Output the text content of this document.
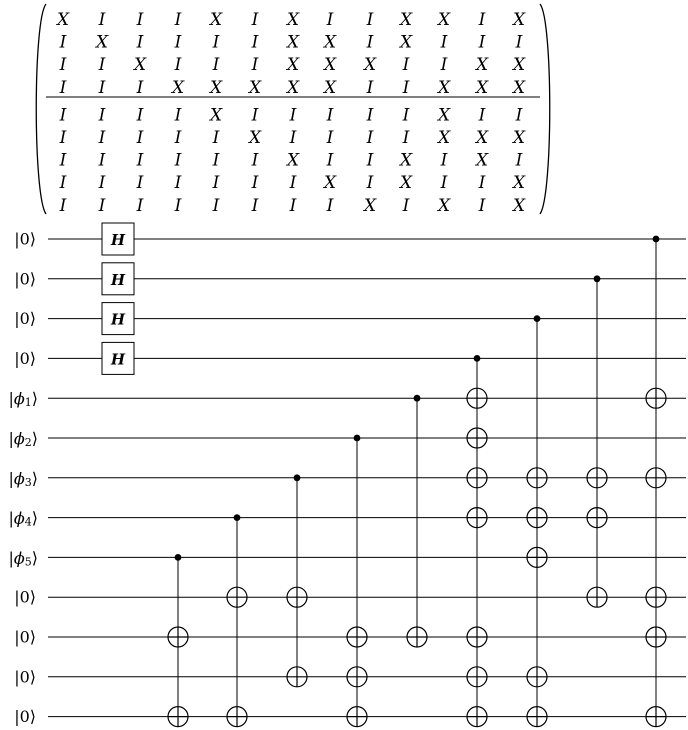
X I I I X I X I I X X I X
I X I I I I X X I X I I I
I I X I I I X X X I I X X
I I I X X X X X I I X X X
I I I I X I I I I I X I I
I I I I I X I I I I X X X
I I I I I I X I I X I X I
I I I I I I I X I X I I X
I I I I I I I I X I X I X
|0⟩
|0⟩
|0⟩
|0⟩
$|\phi_1⟩$
$|\phi_2⟩$
$|\phi_3⟩$
$|\phi_4⟩$
$|\phi_5⟩$
|0⟩
|0⟩
|0⟩
|0⟩
H
H
H
H
